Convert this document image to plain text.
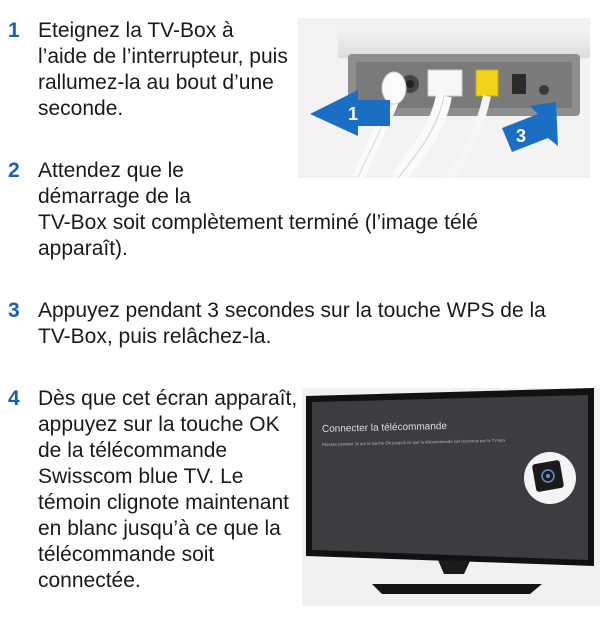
1 Eteignez la TV-Box à l’aide de l’interrupteur, puis rallumez-la au bout d’une seconde.	1
3
2 Attendez que le
démarrage de la
TV-Box soit complètement terminé (l’image télé
apparaît).
3 Appuyez pendant 3 secondes sur la touche WPS de la TV-Box, puis relâchez-la.
4 Dès que cet écran apparaît, appuyez sur la touche OK de la télécommande Swisscom blue TV. Le témoin clignote maintenant en blanc jusqu’à ce que la télécommande soit connectée.
Connecter la télécommande
Pressez pendant 3s sur la touche OK jusqu’à ce que la télécommande soit reconnue par la TV-Box
